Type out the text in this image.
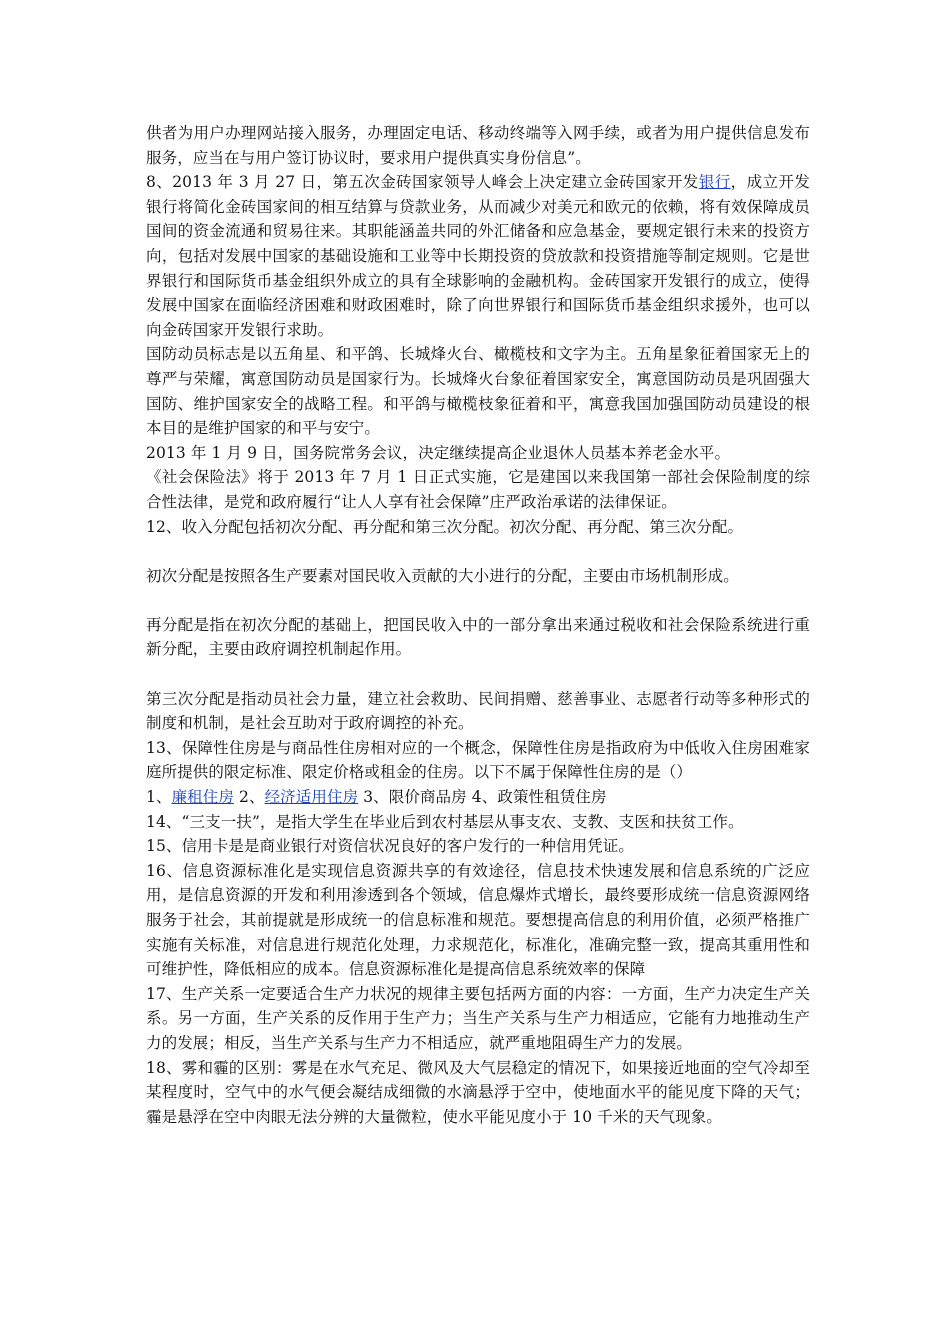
供者为用户办理网站接入服务，办理固定电话、移动终端等入网手续，或者为用户提供信息发布服务，应当在与用户签订协议时，要求用户提供真实身份信息”。

8、2013 年 3 月 27 日，第五次金砖国家领导人峰会上决定建立金砖国家开发银行，成立开发银行将简化金砖国家间的相互结算与贷款业务，从而减少对美元和欧元的依赖，将有效保障成员国间的资金流通和贸易往来。其职能涵盖共同的外汇储备和应急基金，要规定银行未来的投资方向，包括对发展中国家的基础设施和工业等中长期投资的贷放款和投资措施等制定规则。它是世界银行和国际货币基金组织外成立的具有全球影响的金融机构。金砖国家开发银行的成立，使得发展中国家在面临经济困难和财政困难时，除了向世界银行和国际货币基金组织求援外，也可以向金砖国家开发银行求助。

国防动员标志是以五角星、和平鸽、长城烽火台、橄榄枝和文字为主。五角星象征着国家无上的尊严与荣耀，寓意国防动员是国家行为。长城烽火台象征着国家安全，寓意国防动员是巩固强大国防、维护国家安全的战略工程。和平鸽与橄榄枝象征着和平，寓意我国加强国防动员建设的根本目的是维护国家的和平与安宁。

2013 年 1 月 9 日，国务院常务会议，决定继续提高企业退休人员基本养老金水平。

《社会保险法》将于 2013 年 7 月 1 日正式实施，它是建国以来我国第一部社会保险制度的综合性法律，是党和政府履行“让人人享有社会保障”庄严政治承诺的法律保证。

12、收入分配包括初次分配、再分配和第三次分配。初次分配、再分配、第三次分配。

初次分配是按照各生产要素对国民收入贡献的大小进行的分配，主要由市场机制形成。

再分配是指在初次分配的基础上，把国民收入中的一部分拿出来通过税收和社会保险系统进行重新分配，主要由政府调控机制起作用。

第三次分配是指动员社会力量，建立社会救助、民间捐赠、慈善事业、志愿者行动等多种形式的制度和机制，是社会互助对于政府调控的补充。

13、保障性住房是与商品性住房相对应的一个概念，保障性住房是指政府为中低收入住房困难家庭所提供的限定标准、限定价格或租金的住房。以下不属于保障性住房的是（）

1、廉租住房 2、经济适用住房 3、限价商品房 4、政策性租赁住房

14、“三支一扶”，是指大学生在毕业后到农村基层从事支农、支教、支医和扶贫工作。

15、信用卡是是商业银行对资信状况良好的客户发行的一种信用凭证。

16、信息资源标准化是实现信息资源共享的有效途径，信息技术快速发展和信息系统的广泛应用，是信息资源的开发和利用渗透到各个领域，信息爆炸式增长，最终要形成统一信息资源网络服务于社会，其前提就是形成统一的信息标准和规范。要想提高信息的利用价值，必须严格推广实施有关标准，对信息进行规范化处理，力求规范化，标准化，准确完整一致，提高其重用性和可维护性，降低相应的成本。信息资源标准化是提高信息系统效率的保障

17、生产关系一定要适合生产力状况的规律主要包括两方面的内容：一方面，生产力决定生产关系。另一方面，生产关系的反作用于生产力；当生产关系与生产力相适应，它能有力地推动生产力的发展；相反，当生产关系与生产力不相适应，就严重地阻碍生产力的发展。

18、雾和霾的区别：雾是在水气充足、微风及大气层稳定的情况下，如果接近地面的空气冷却至某程度时，空气中的水气便会凝结成细微的水滴悬浮于空中，使地面水平的能见度下降的天气；霾是悬浮在空中肉眼无法分辨的大量微粒，使水平能见度小于 10 千米的天气现象。
